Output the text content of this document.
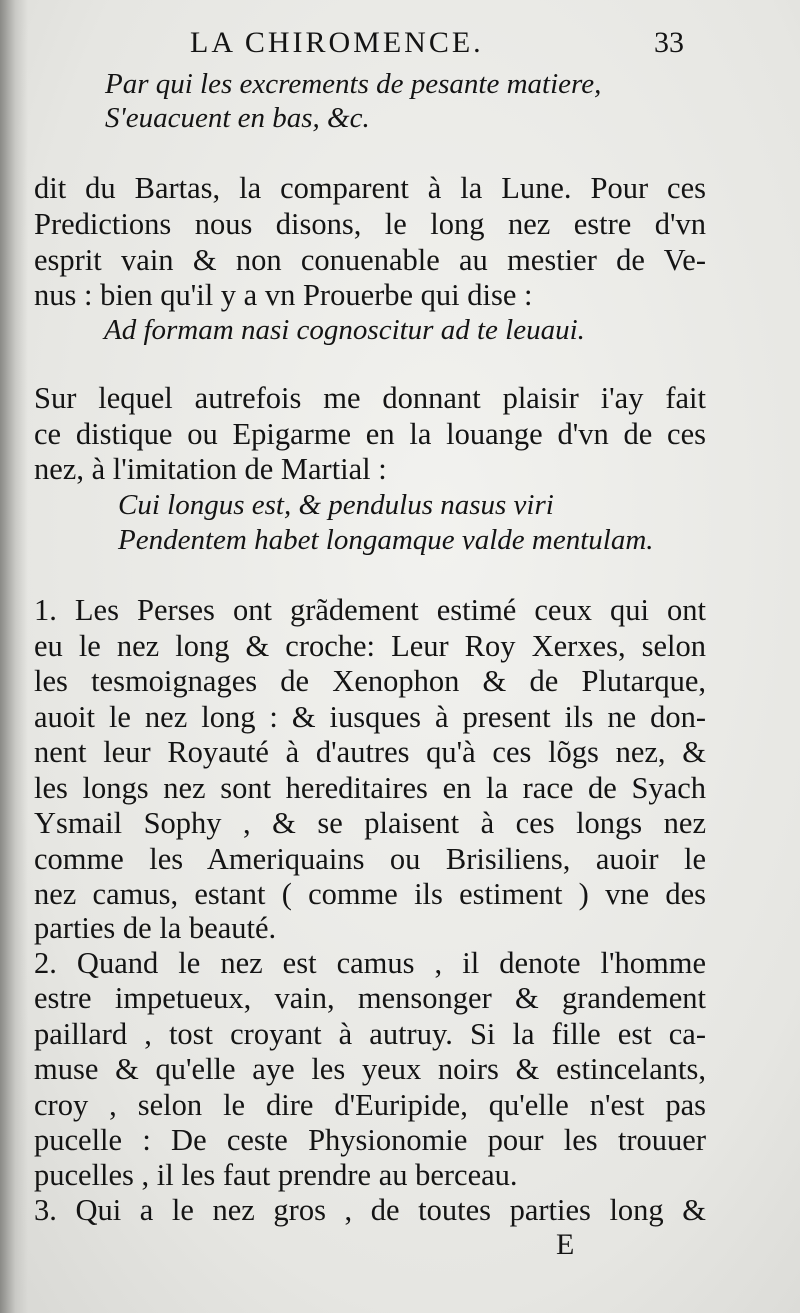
LA CHIROMENCE.	33
Par qui les excrements de pesante matiere,
S'euacuent en bas, &c.
dit du Bartas, la comparent à la Lune. Pour ces
Predictions nous disons, le long nez estre d'vn
esprit vain & non conuenable au mestier de Ve-
nus : bien qu'il y a vn Prouerbe qui dise :
Ad formam nasi cognoscitur ad te leuaui.
Sur lequel autrefois me donnant plaisir i'ay fait
ce distique ou Epigarme en la louange d'vn de ces
nez, à l'imitation de Martial :
Cui longus est, & pendulus nasus viri
Pendentem habet longamque valde mentulam.
1. Les Perses ont grãdement estimé ceux qui ont
eu le nez long & croche: Leur Roy Xerxes, selon
les tesmoignages de Xenophon & de Plutarque,
auoit le nez long : & iusques à present ils ne don-
nent leur Royauté à d'autres qu'à ces lõgs nez, &
les longs nez sont hereditaires en la race de Syach
Ysmail Sophy , & se plaisent à ces longs nez
comme les Ameriquains ou Brisiliens, auoir le
nez camus, estant ( comme ils estiment ) vne des
parties de la beauté.
2. Quand le nez est camus , il denote l'homme
estre impetueux, vain, mensonger & grandement
paillard , tost croyant à autruy. Si la fille est ca-
muse & qu'elle aye les yeux noirs & estincelants,
croy , selon le dire d'Euripide, qu'elle n'est pas
pucelle : De ceste Physionomie pour les trouuer
pucelles , il les faut prendre au berceau.
3. Qui a le nez gros , de toutes parties long &
E
